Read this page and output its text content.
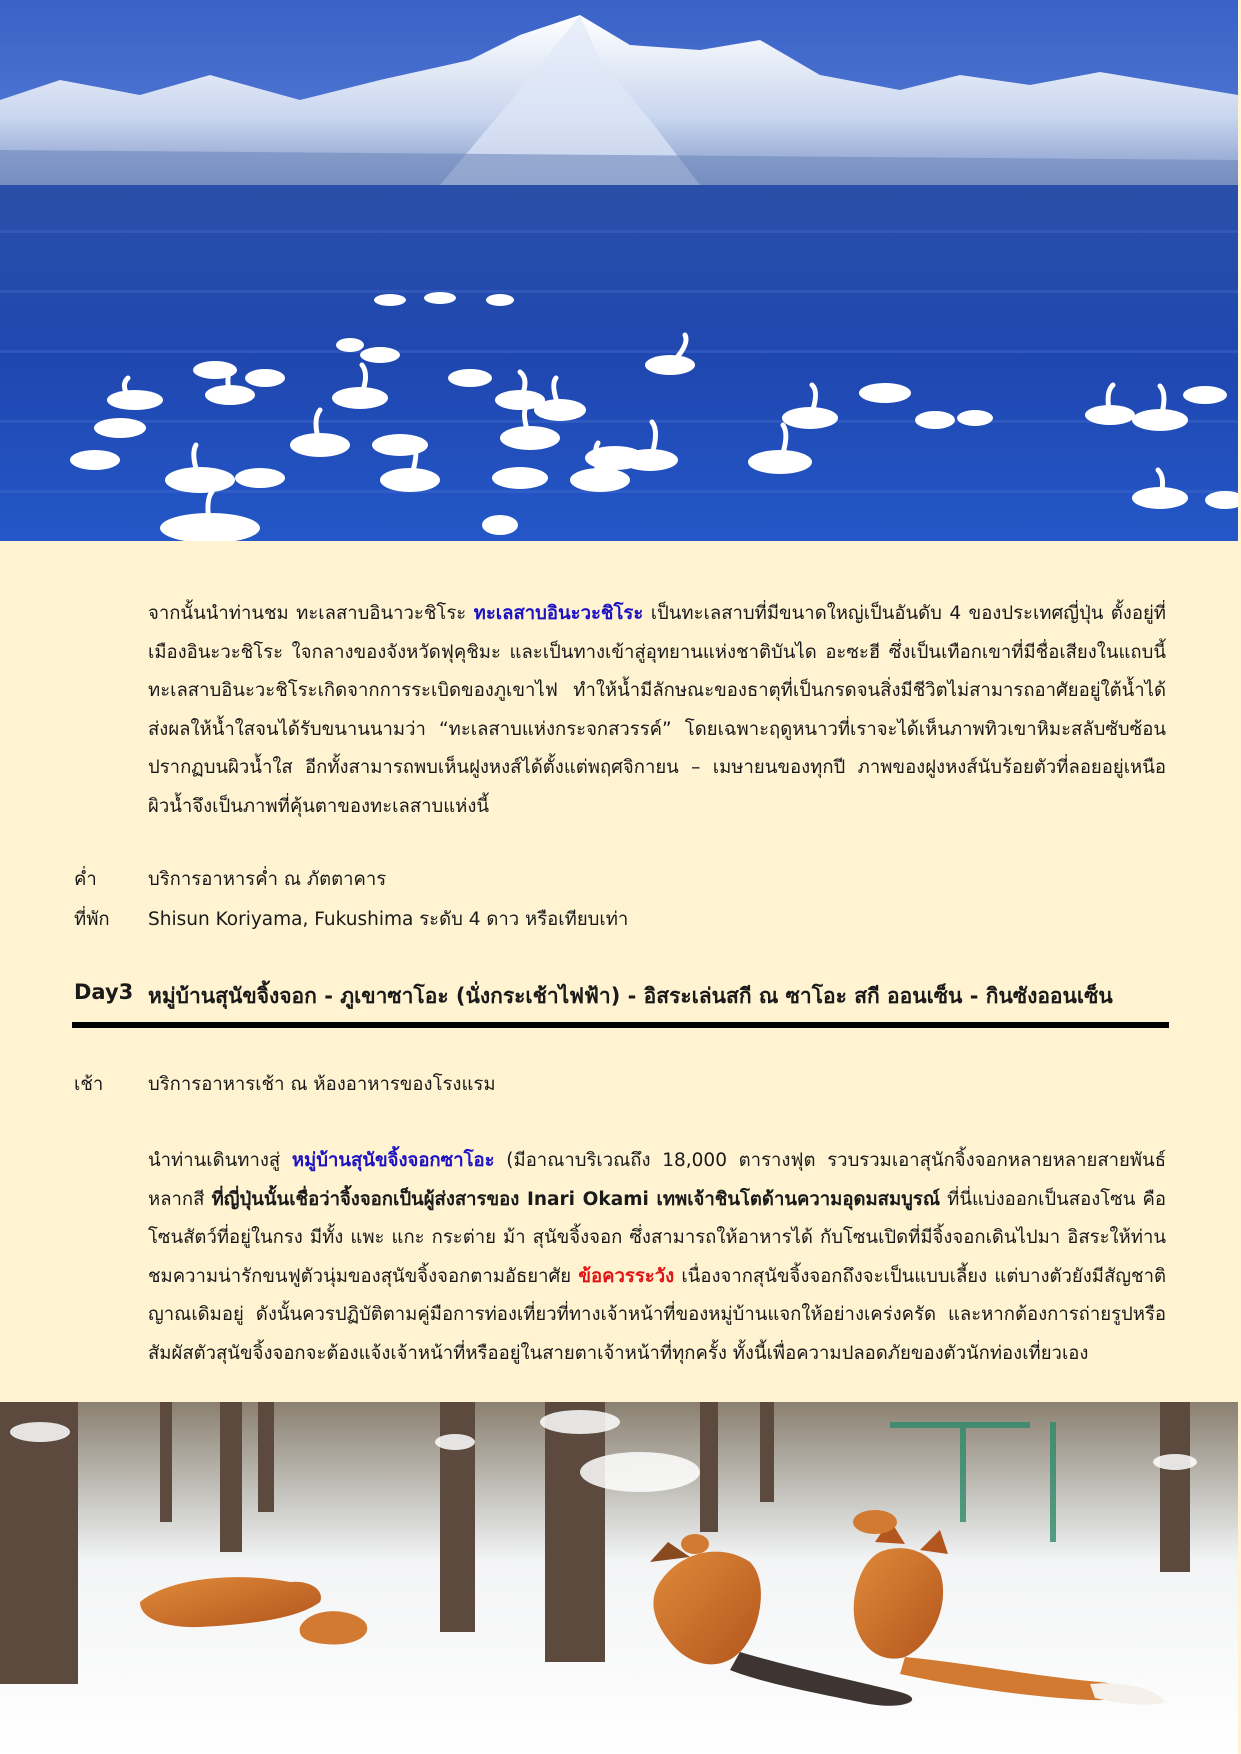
จากนั้นนำท่านชม ทะเลสาบอินาวะชิโระ ทะเลสาบอินะวะชิโระ เป็นทะเลสาบที่มีขนาดใหญ่เป็นอันดับ 4 ของประเทศญี่ปุ่น ตั้งอยู่ที่เมืองอินะวะชิโระ ใจกลางของจังหวัดฟุคุชิมะ และเป็นทางเข้าสู่อุทยานแห่งชาติบันได อะซะฮี ซึ่งเป็นเทือกเขาที่มีชื่อเสียงในแถบนี้ ทะเลสาบอินะวะชิโระเกิดจากการระเบิดของภูเขาไฟ ทำให้น้ำมีลักษณะของธาตุที่เป็นกรดจนสิ่งมีชีวิตไม่สามารถอาศัยอยู่ใต้น้ำได้ ส่งผลให้น้ำใสจนได้รับขนานนามว่า “ทะเลสาบแห่งกระจกสวรรค์” โดยเฉพาะฤดูหนาวที่เราจะได้เห็นภาพทิวเขาหิมะสลับซับซ้อนปรากฏบนผิวน้ำใส อีกทั้งสามารถพบเห็นฝูงหงส์ได้ตั้งแต่พฤศจิกายน – เมษายนของทุกปี ภาพของฝูงหงส์นับร้อยตัวที่ลอยอยู่เหนือผิวน้ำจึงเป็นภาพที่คุ้นตาของทะเลสาบแห่งนี้
ค่ำ	บริการอาหารค่ำ ณ ภัตตาคาร
ที่พัก Shisun Koriyama, Fukushima ระดับ 4 ดาว หรือเทียบเท่า
Day3 หมู่บ้านสุนัขจิ้งจอก - ภูเขาซาโอะ (นั่งกระเช้าไฟฟ้า) - อิสระเล่นสกี ณ ซาโอะ สกี ออนเซ็น - กินซังออนเซ็น
เช้า บริการอาหารเช้า ณ ห้องอาหารของโรงแรม
นำท่านเดินทางสู่ หมู่บ้านสุนัขจิ้งจอกซาโอะ (มีอาณาบริเวณถึง 18,000 ตารางฟุต รวบรวมเอาสุนักจิ้งจอกหลายหลายสายพันธ์ หลากสี ที่ญี่ปุ่นนั้นเชื่อว่าจิ้งจอกเป็นผู้ส่งสารของ Inari Okami เทพเจ้าชินโตด้านความอุดมสมบูรณ์ ที่นี่แบ่งออกเป็นสองโซน คือโซนสัตว์ที่อยู่ในกรง มีทั้ง แพะ แกะ กระต่าย ม้า สุนัขจิ้งจอก ซึ่งสามารถให้อาหารได้ กับโซนเปิดที่มีจิ้งจอกเดินไปมา อิสระให้ท่านชมความน่ารักขนฟูตัวนุ่มของสุนัขจิ้งจอกตามอัธยาศัย ข้อควรระวัง เนื่องจากสุนัขจิ้งจอกถึงจะเป็นแบบเลี้ยง แต่บางตัวยังมีสัญชาติญาณเดิมอยู่ ดังนั้นควรปฏิบัติตามคู่มือการท่องเที่ยวที่ทางเจ้าหน้าที่ของหมู่บ้านแจกให้อย่างเคร่งครัด และหากต้องการถ่ายรูปหรือสัมผัสตัวสุนัขจิ้งจอกจะต้องแจ้งเจ้าหน้าที่หรืออยู่ในสายตาเจ้าหน้าที่ทุกครั้ง ทั้งนี้เพื่อความปลอดภัยของตัวนักท่องเที่ยวเอง
